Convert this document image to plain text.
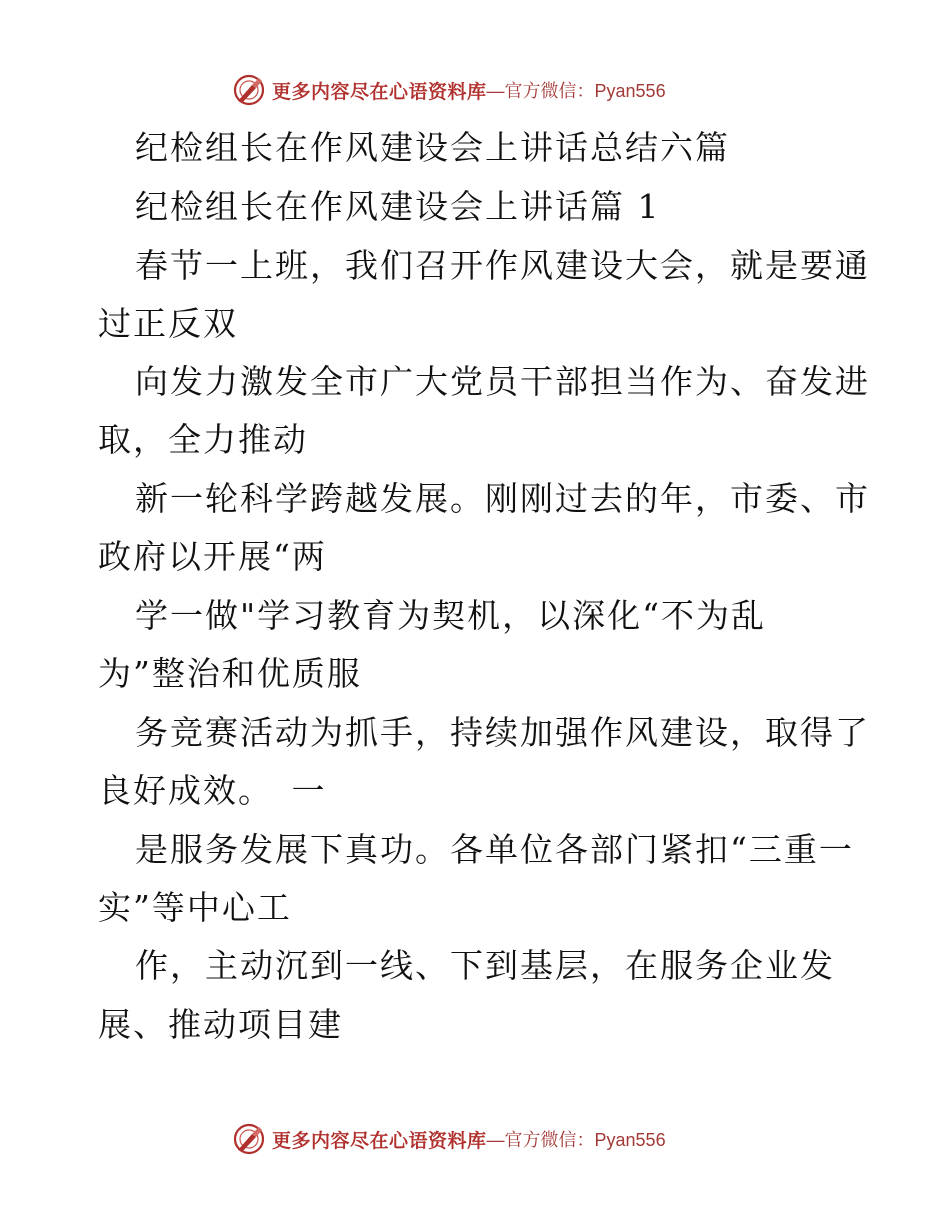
更多内容尽在心语资料库 —官方微信：Pyan556
纪检组长在作风建设会上讲话总结六篇
纪检组长在作风建设会上讲话篇 1
春节一上班，我们召开作风建设大会，就是要通
过正反双
向发力激发全市广大党员干部担当作为、奋发进
取，全力推动
新一轮科学跨越发展。刚刚过去的年，市委、市
政府以开展“两
学一做"学习教育为契机，以深化“不为乱
为”整治和优质服
务竞赛活动为抓手，持续加强作风建设，取得了
良好成效。　一
是服务发展下真功。各单位各部门紧扣“三重一
实”等中心工
作，主动沉到一线、下到基层，在服务企业发
展、推动项目建
更多内容尽在心语资料库 —官方微信：Pyan556
